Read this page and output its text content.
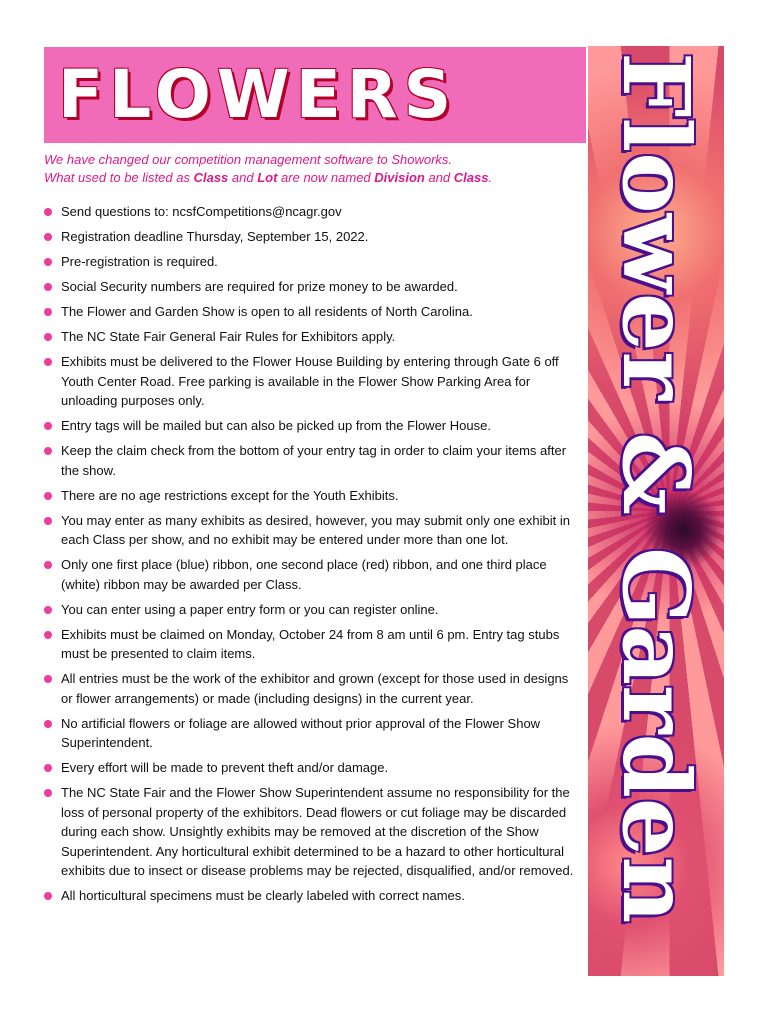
FLOWERS
We have changed our competition management software to Showorks.
What used to be listed as Class and Lot are now named Division and Class.
Send questions to: ncsfCompetitions@ncagr.gov
Registration deadline Thursday, September 15, 2022.
Pre-registration is required.
Social Security numbers are required for prize money to be awarded.
The Flower and Garden Show is open to all residents of North Carolina.
The NC State Fair General Fair Rules for Exhibitors apply.
Exhibits must be delivered to the Flower House Building by entering through Gate 6 off Youth Center Road. Free parking is available in the Flower Show Parking Area for unloading purposes only.
Entry tags will be mailed but can also be picked up from the Flower House.
Keep the claim check from the bottom of your entry tag in order to claim your items after the show.
There are no age restrictions except for the Youth Exhibits.
You may enter as many exhibits as desired, however, you may submit only one exhibit in each Class per show, and no exhibit may be entered under more than one lot.
Only one first place (blue) ribbon, one second place (red) ribbon, and one third place (white) ribbon may be awarded per Class.
You can enter using a paper entry form or you can register online.
Exhibits must be claimed on Monday, October 24 from 8 am until 6 pm. Entry tag stubs must be presented to claim items.
All entries must be the work of the exhibitor and grown (except for those used in designs or flower arrangements) or made (including designs) in the current year.
No artificial flowers or foliage are allowed without prior approval of the Flower Show Superintendent.
Every effort will be made to prevent theft and/or damage.
The NC State Fair and the Flower Show Superintendent assume no responsibility for the loss of personal property of the exhibitors. Dead flowers or cut foliage may be discarded during each show. Unsightly exhibits may be removed at the discretion of the Show Superintendent. Any horticultural exhibit determined to be a hazard to other horticultural exhibits due to insect or disease problems may be rejected, disqualified, and/or removed.
All horticultural specimens must be clearly labeled with correct names.	Flower & Garden
